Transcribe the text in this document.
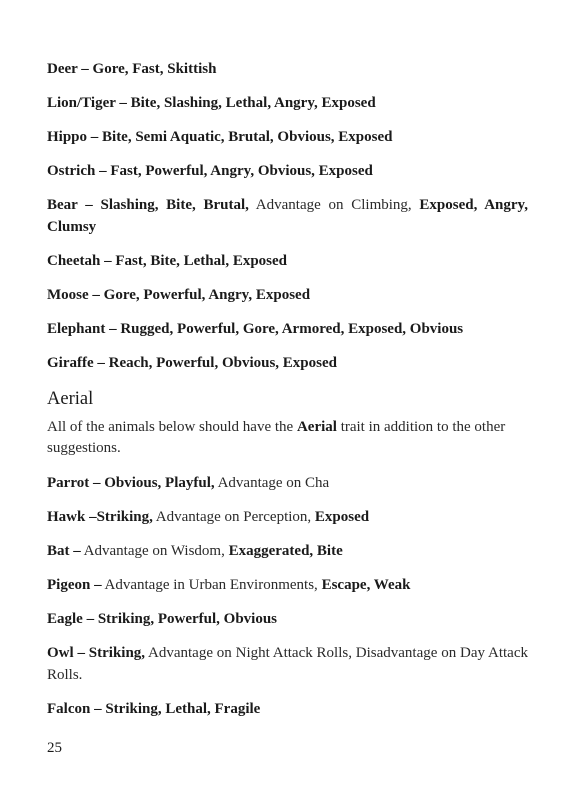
Deer – Gore, Fast, Skittish

Lion/Tiger – Bite, Slashing, Lethal, Angry, Exposed

Hippo – Bite, Semi Aquatic, Brutal, Obvious, Exposed

Ostrich – Fast, Powerful, Angry, Obvious, Exposed

Bear – Slashing, Bite, Brutal, Advantage on Climbing, Exposed, Angry, Clumsy

Cheetah – Fast, Bite, Lethal, Exposed

Moose – Gore, Powerful, Angry, Exposed

Elephant – Rugged, Powerful, Gore, Armored, Exposed, Obvious

Giraffe – Reach, Powerful, Obvious, Exposed

Aerial

All of the animals below should have the Aerial trait in addition to the other suggestions.

Parrot – Obvious, Playful, Advantage on Cha

Hawk –Striking, Advantage on Perception, Exposed

Bat – Advantage on Wisdom, Exaggerated, Bite

Pigeon – Advantage in Urban Environments, Escape, Weak

Eagle – Striking, Powerful, Obvious

Owl – Striking, Advantage on Night Attack Rolls, Disadvantage on Day Attack Rolls.

Falcon – Striking, Lethal, Fragile

25
